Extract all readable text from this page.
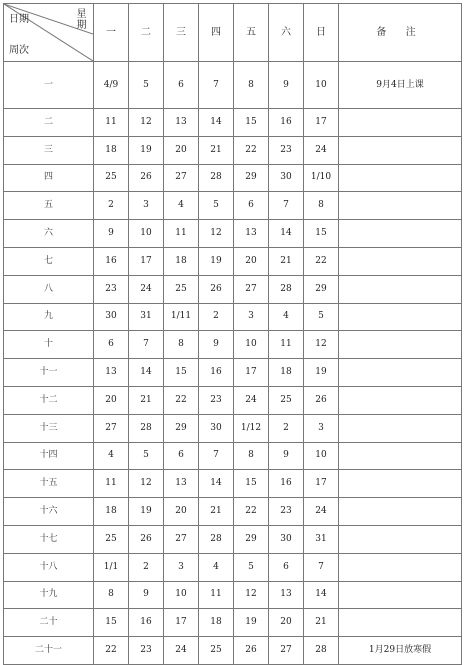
日期 星期
周次	一	二	三	四	五	六	日	备 注
一	4/9	5	6	7	8	9	10	9月4日上课
二	11	12	13	14	15	16	17	
三	18	19	20	21	22	23	24	
四	25	26	27	28	29	30	1/10	
五	2	3	4	5	6	7	8	
六	9	10	11	12	13	14	15	
七	16	17	18	19	20	21	22	
八	23	24	25	26	27	28	29	
九	30	31	1/11	2	3	4	5	
十	6	7	8	9	10	11	12	
十一	13	14	15	16	17	18	19	
十二	20	21	22	23	24	25	26	
十三	27	28	29	30	1/12	2	3	
十四	4	5	6	7	8	9	10	
十五	11	12	13	14	15	16	17	
十六	18	19	20	21	22	23	24	
十七	25	26	27	28	29	30	31	
十八	1/1	2	3	4	5	6	7	
十九	8	9	10	11	12	13	14	
二十	15	16	17	18	19	20	21	
二十一	22	23	24	25	26	27	28	1月29日放寒假
